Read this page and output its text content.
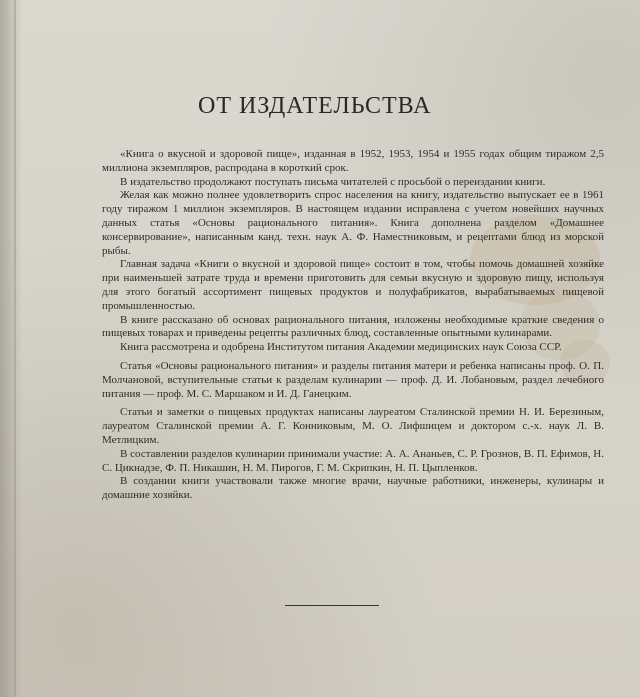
ОТ ИЗДАТЕЛЬСТВА

«Книга о вкусной и здоровой пище», изданная в 1952, 1953, 1954 и 1955 годах общим тиражом 2,5 миллиона экземпляров, распродана в короткий срок.

В издательство продолжают поступать письма читателей с просьбой о переиздании книги.

Желая как можно полнее удовлетворить спрос населения на книгу, издательство выпускает ее в 1961 году тиражом 1 миллион экземпляров. В настоящем издании исправлена с учетом новейших научных данных статья «Основы рационального питания». Книга дополнена разделом «Домашнее консервирование», написанным канд. техн. наук А. Ф. Наместниковым, и рецептами блюд из морской рыбы.

Главная задача «Книги о вкусной и здоровой пище» состоит в том, чтобы помочь домашней хозяйке при наименьшей затрате труда и времени приготовить для семьи вкусную и здоровую пищу, используя для этого богатый ассортимент пищевых продуктов и полуфабрикатов, вырабатываемых пищевой промышленностью.

В книге рассказано об основах рационального питания, изложены необходимые краткие сведения о пищевых товарах и приведены рецепты различных блюд, составленные опытными кулинарами.

Книга рассмотрена и одобрена Институтом питания Академии медицинских наук Союза ССР.

Статья «Основы рационального питания» и разделы питания матери и ребенка написаны проф. О. П. Молчановой, вступительные статьи к разделам кулинарии — проф. Д. И. Лобановым, раздел лечебного питания — проф. М. С. Маршаком и И. Д. Ганецким.

Статьи и заметки о пищевых продуктах написаны лауреатом Сталинской премии Н. И. Березиным, лауреатом Сталинской премии А. Г. Конниковым, М. О. Лифшицем и доктором с.-х. наук Л. В. Метлицким.

В составлении разделов кулинарии принимали участие: А. А. Ананьев, С. Р. Грознов, В. П. Ефимов, Н. С. Цикнадзе, Ф. П. Никашин, Н. М. Пирогов, Г. М. Скрипкин, Н. П. Цыпленков.

В создании книги участвовали также многие врачи, научные работники, инженеры, кулинары и домашние хозяйки.
